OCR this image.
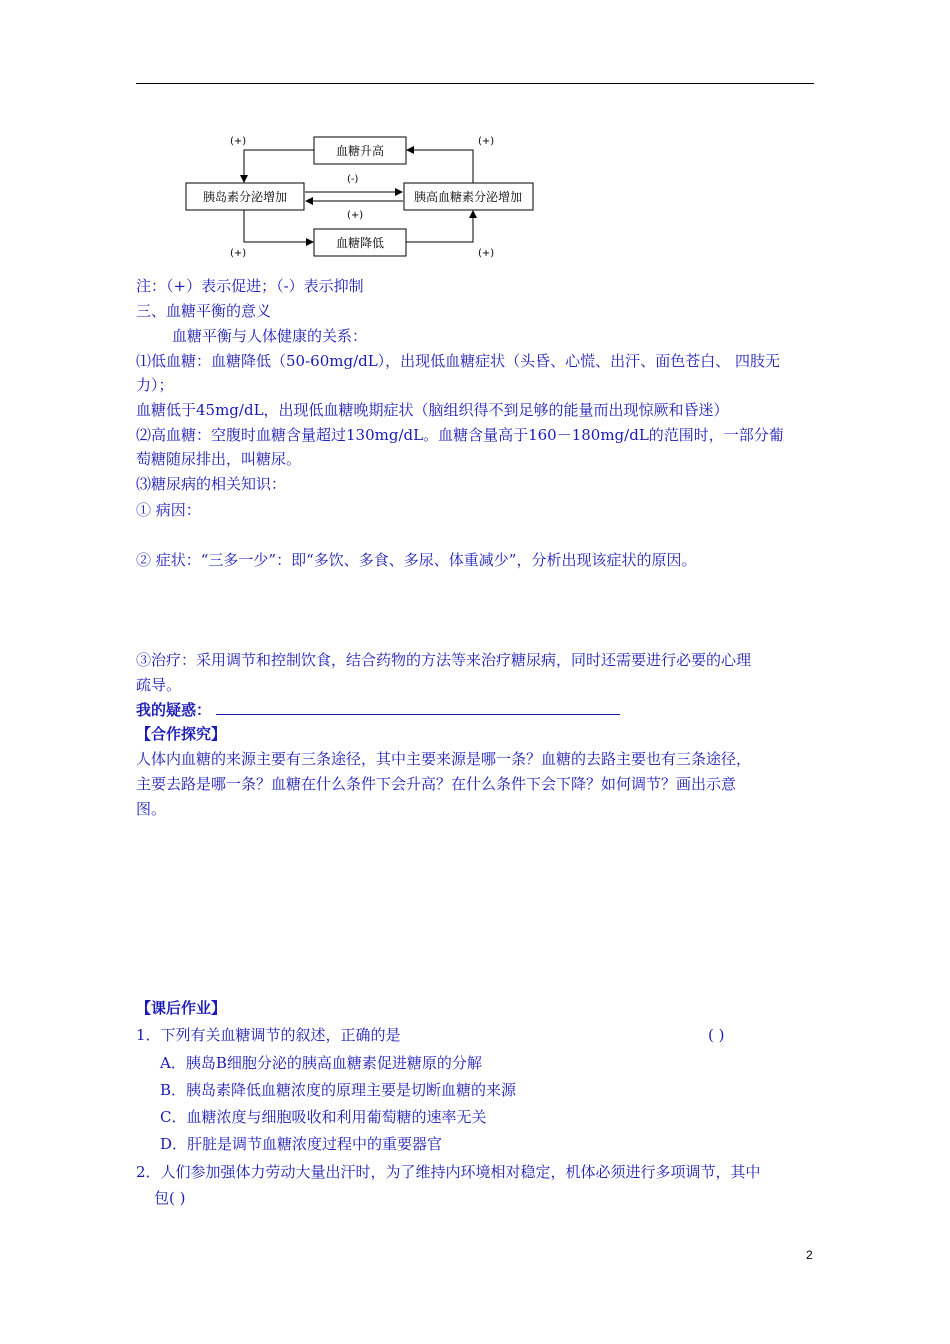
血糖升高
胰岛素分泌增加	胰高血糖素分泌增加
血糖降低
(+)	(+)
(-)
(+)
(+)	(+)
注：（+）表示促进；（-）表示抑制
三、血糖平衡的意义
血糖平衡与人体健康的关系：
⑴低血糖：血糖降低（50-60mg/dL），出现低血糖症状（头昏、心慌、出汗、面色苍白、 四肢无
力）；
血糖低于45mg/dL，出现低血糖晚期症状（脑组织得不到足够的能量而出现惊厥和昏迷）
⑵高血糖：空腹时血糖含量超过130mg/dL。血糖含量高于160－180mg/dL的范围时，一部分葡
萄糖随尿排出，叫糖尿。
⑶糖尿病的相关知识：
① 病因：
② 症状：“三多一少”：即“多饮、多食、多尿、体重减少”，分析出现该症状的原因。
③治疗：采用调节和控制饮食，结合药物的方法等来治疗糖尿病，同时还需要进行必要的心理
疏导。
我的疑惑：
【合作探究】
人体内血糖的来源主要有三条途径，其中主要来源是哪一条？血糖的去路主要也有三条途径，
主要去路是哪一条？血糖在什么条件下会升高？在什么条件下会下降？如何调节？画出示意
图。
【课后作业】
1．下列有关血糖调节的叙述，正确的是	( )
A．胰岛B细胞分泌的胰高血糖素促进糖原的分解
B．胰岛素降低血糖浓度的原理主要是切断血糖的来源
C．血糖浓度与细胞吸收和利用葡萄糖的速率无关
D．肝脏是调节血糖浓度过程中的重要器官
2．人们参加强体力劳动大量出汗时，为了维持内环境相对稳定，机体必须进行多项调节，其中
包( )
2
